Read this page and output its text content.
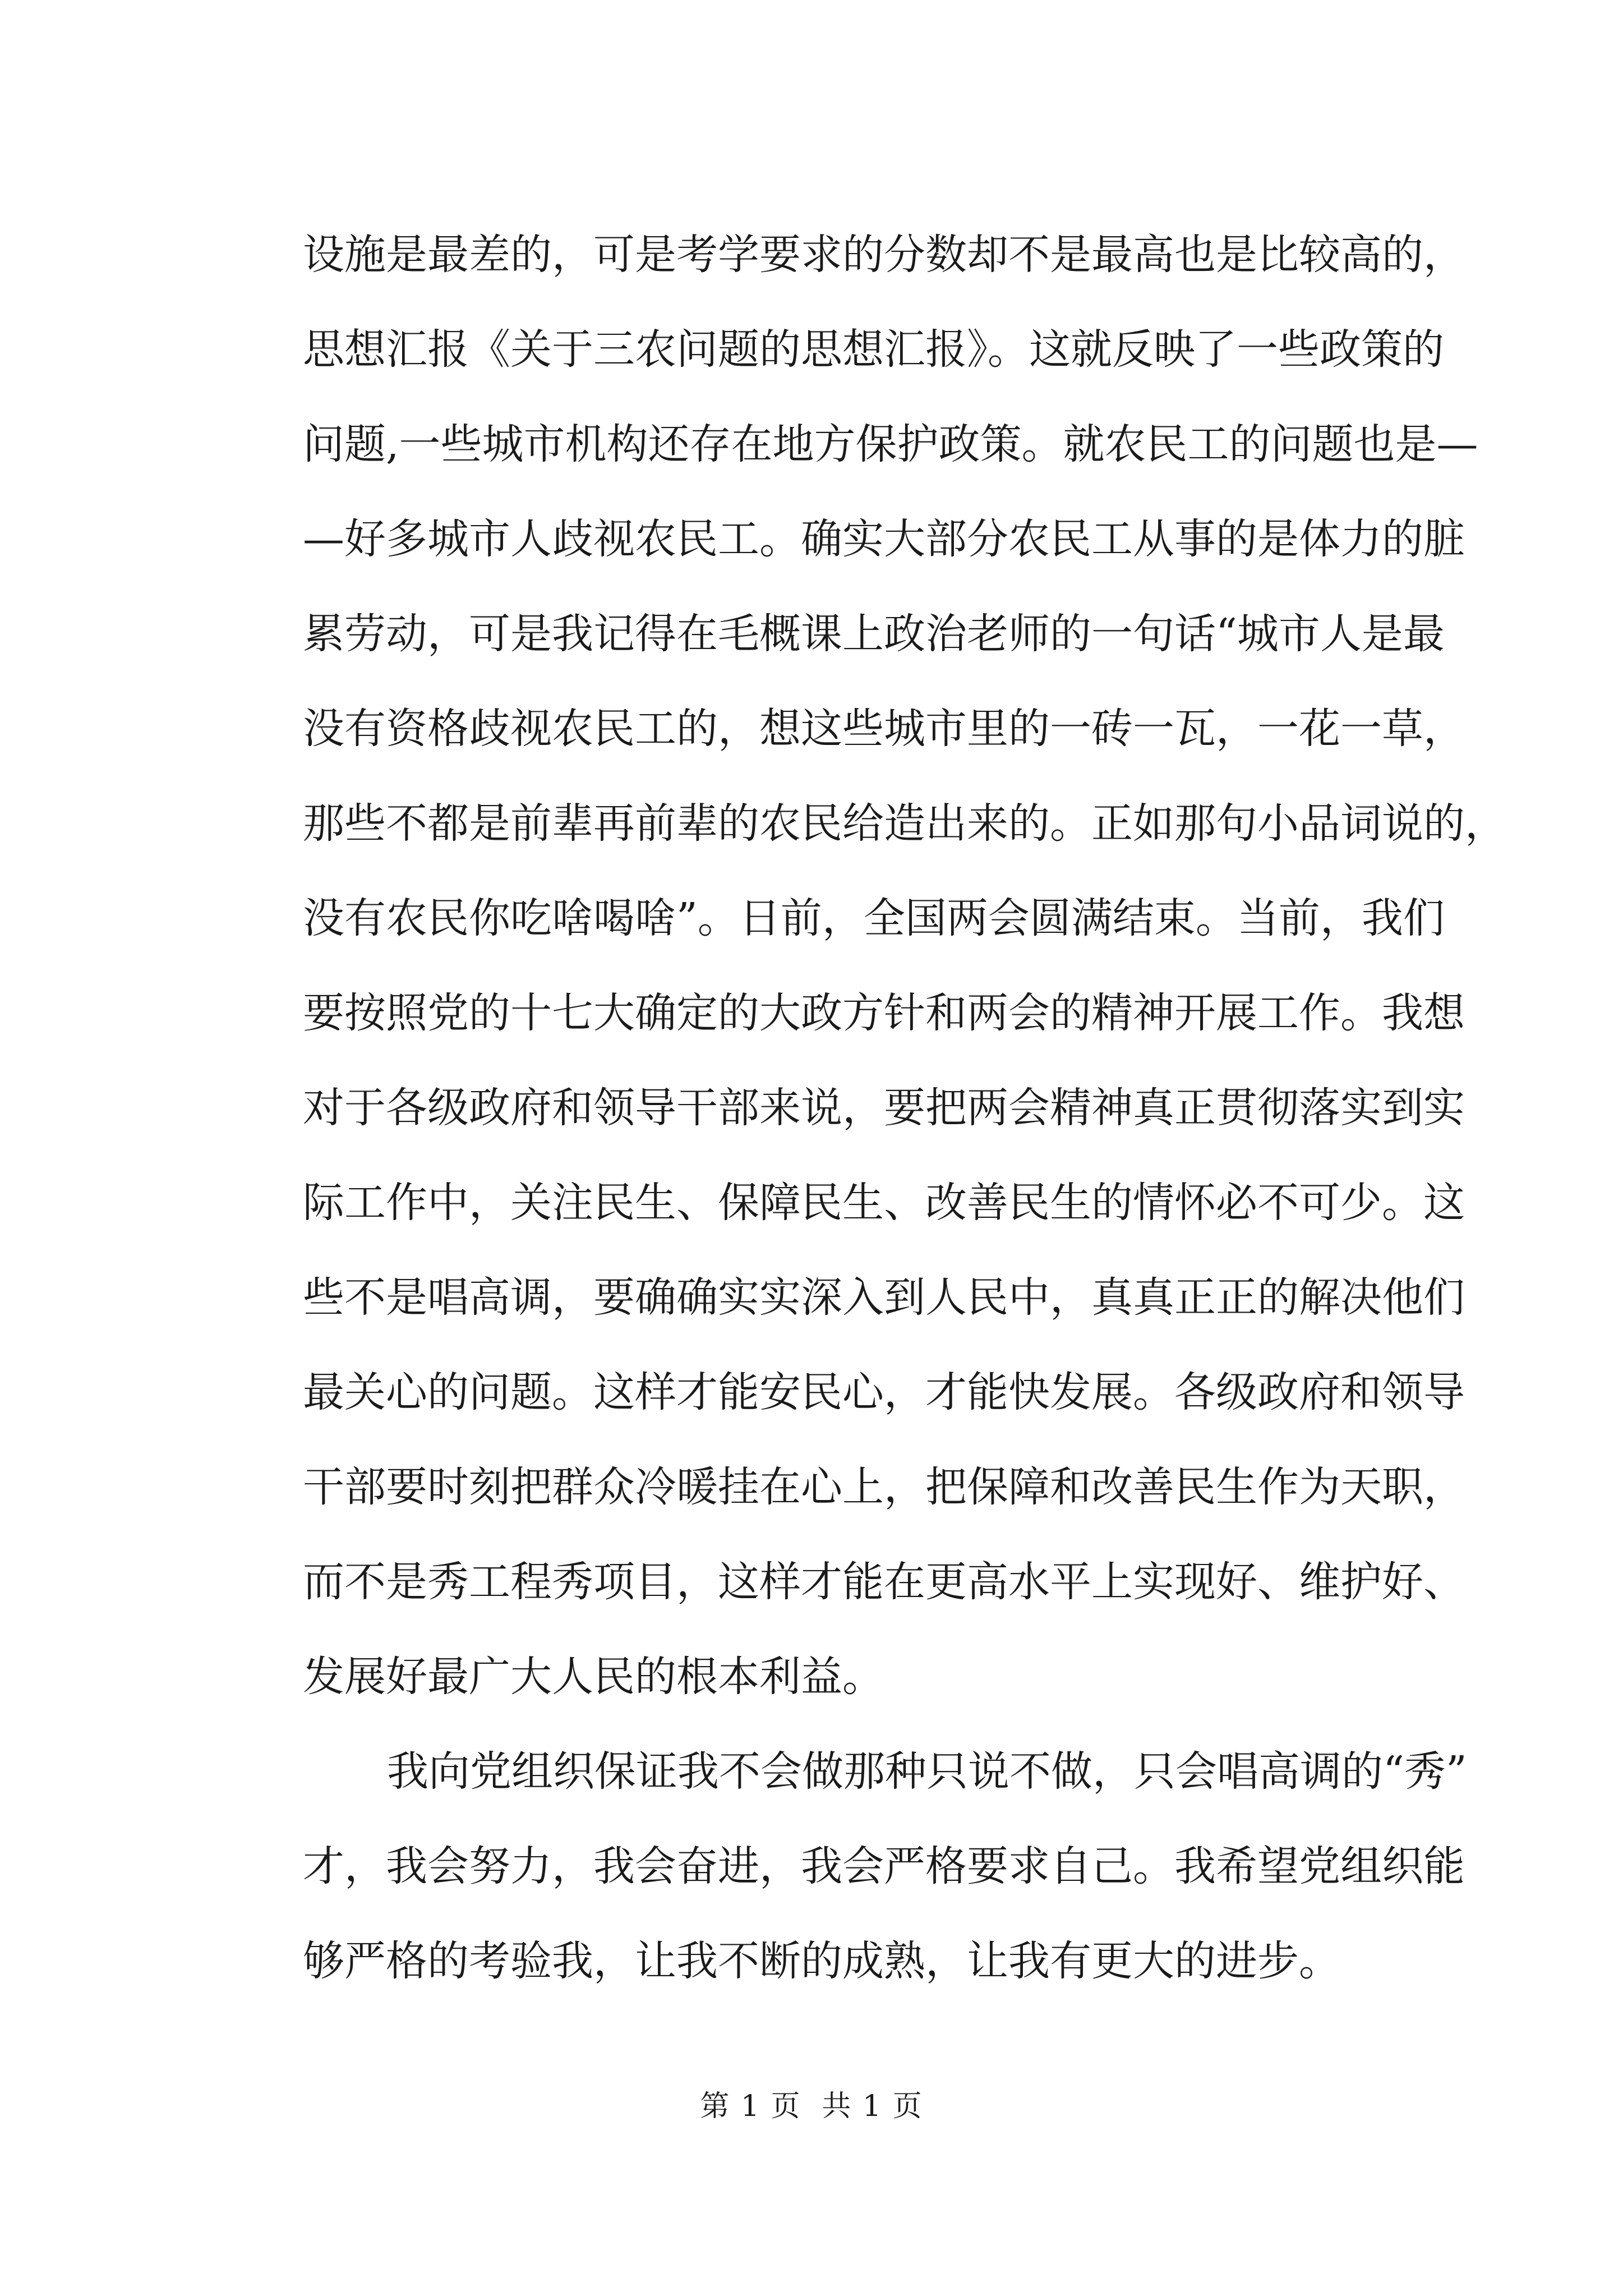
设施是最差的，可是考学要求的分数却不是最高也是比较高的，
思想汇报《关于三农问题的思想汇报》。这就反映了一些政策的
问题,一些城市机构还存在地方保护政策。就农民工的问题也是—
—好多城市人歧视农民工。确实大部分农民工从事的是体力的脏
累劳动，可是我记得在毛概课上政治老师的一句话“城市人是最
没有资格歧视农民工的，想这些城市里的一砖一瓦，一花一草，
那些不都是前辈再前辈的农民给造出来的。正如那句小品词说的，
没有农民你吃啥喝啥”。日前，全国两会圆满结束。当前，我们
要按照党的十七大确定的大政方针和两会的精神开展工作。我想
对于各级政府和领导干部来说，要把两会精神真正贯彻落实到实
际工作中，关注民生、保障民生、改善民生的情怀必不可少。这
些不是唱高调，要确确实实深入到人民中，真真正正的解决他们
最关心的问题。这样才能安民心，才能快发展。各级政府和领导
干部要时刻把群众冷暖挂在心上，把保障和改善民生作为天职，
而不是秀工程秀项目，这样才能在更高水平上实现好、维护好、
发展好最广大人民的根本利益。
我向党组织保证我不会做那种只说不做，只会唱高调的“秀”
才，我会努力，我会奋进，我会严格要求自己。我希望党组织能
够严格的考验我，让我不断的成熟，让我有更大的进步。
第 1 页  共 1 页
